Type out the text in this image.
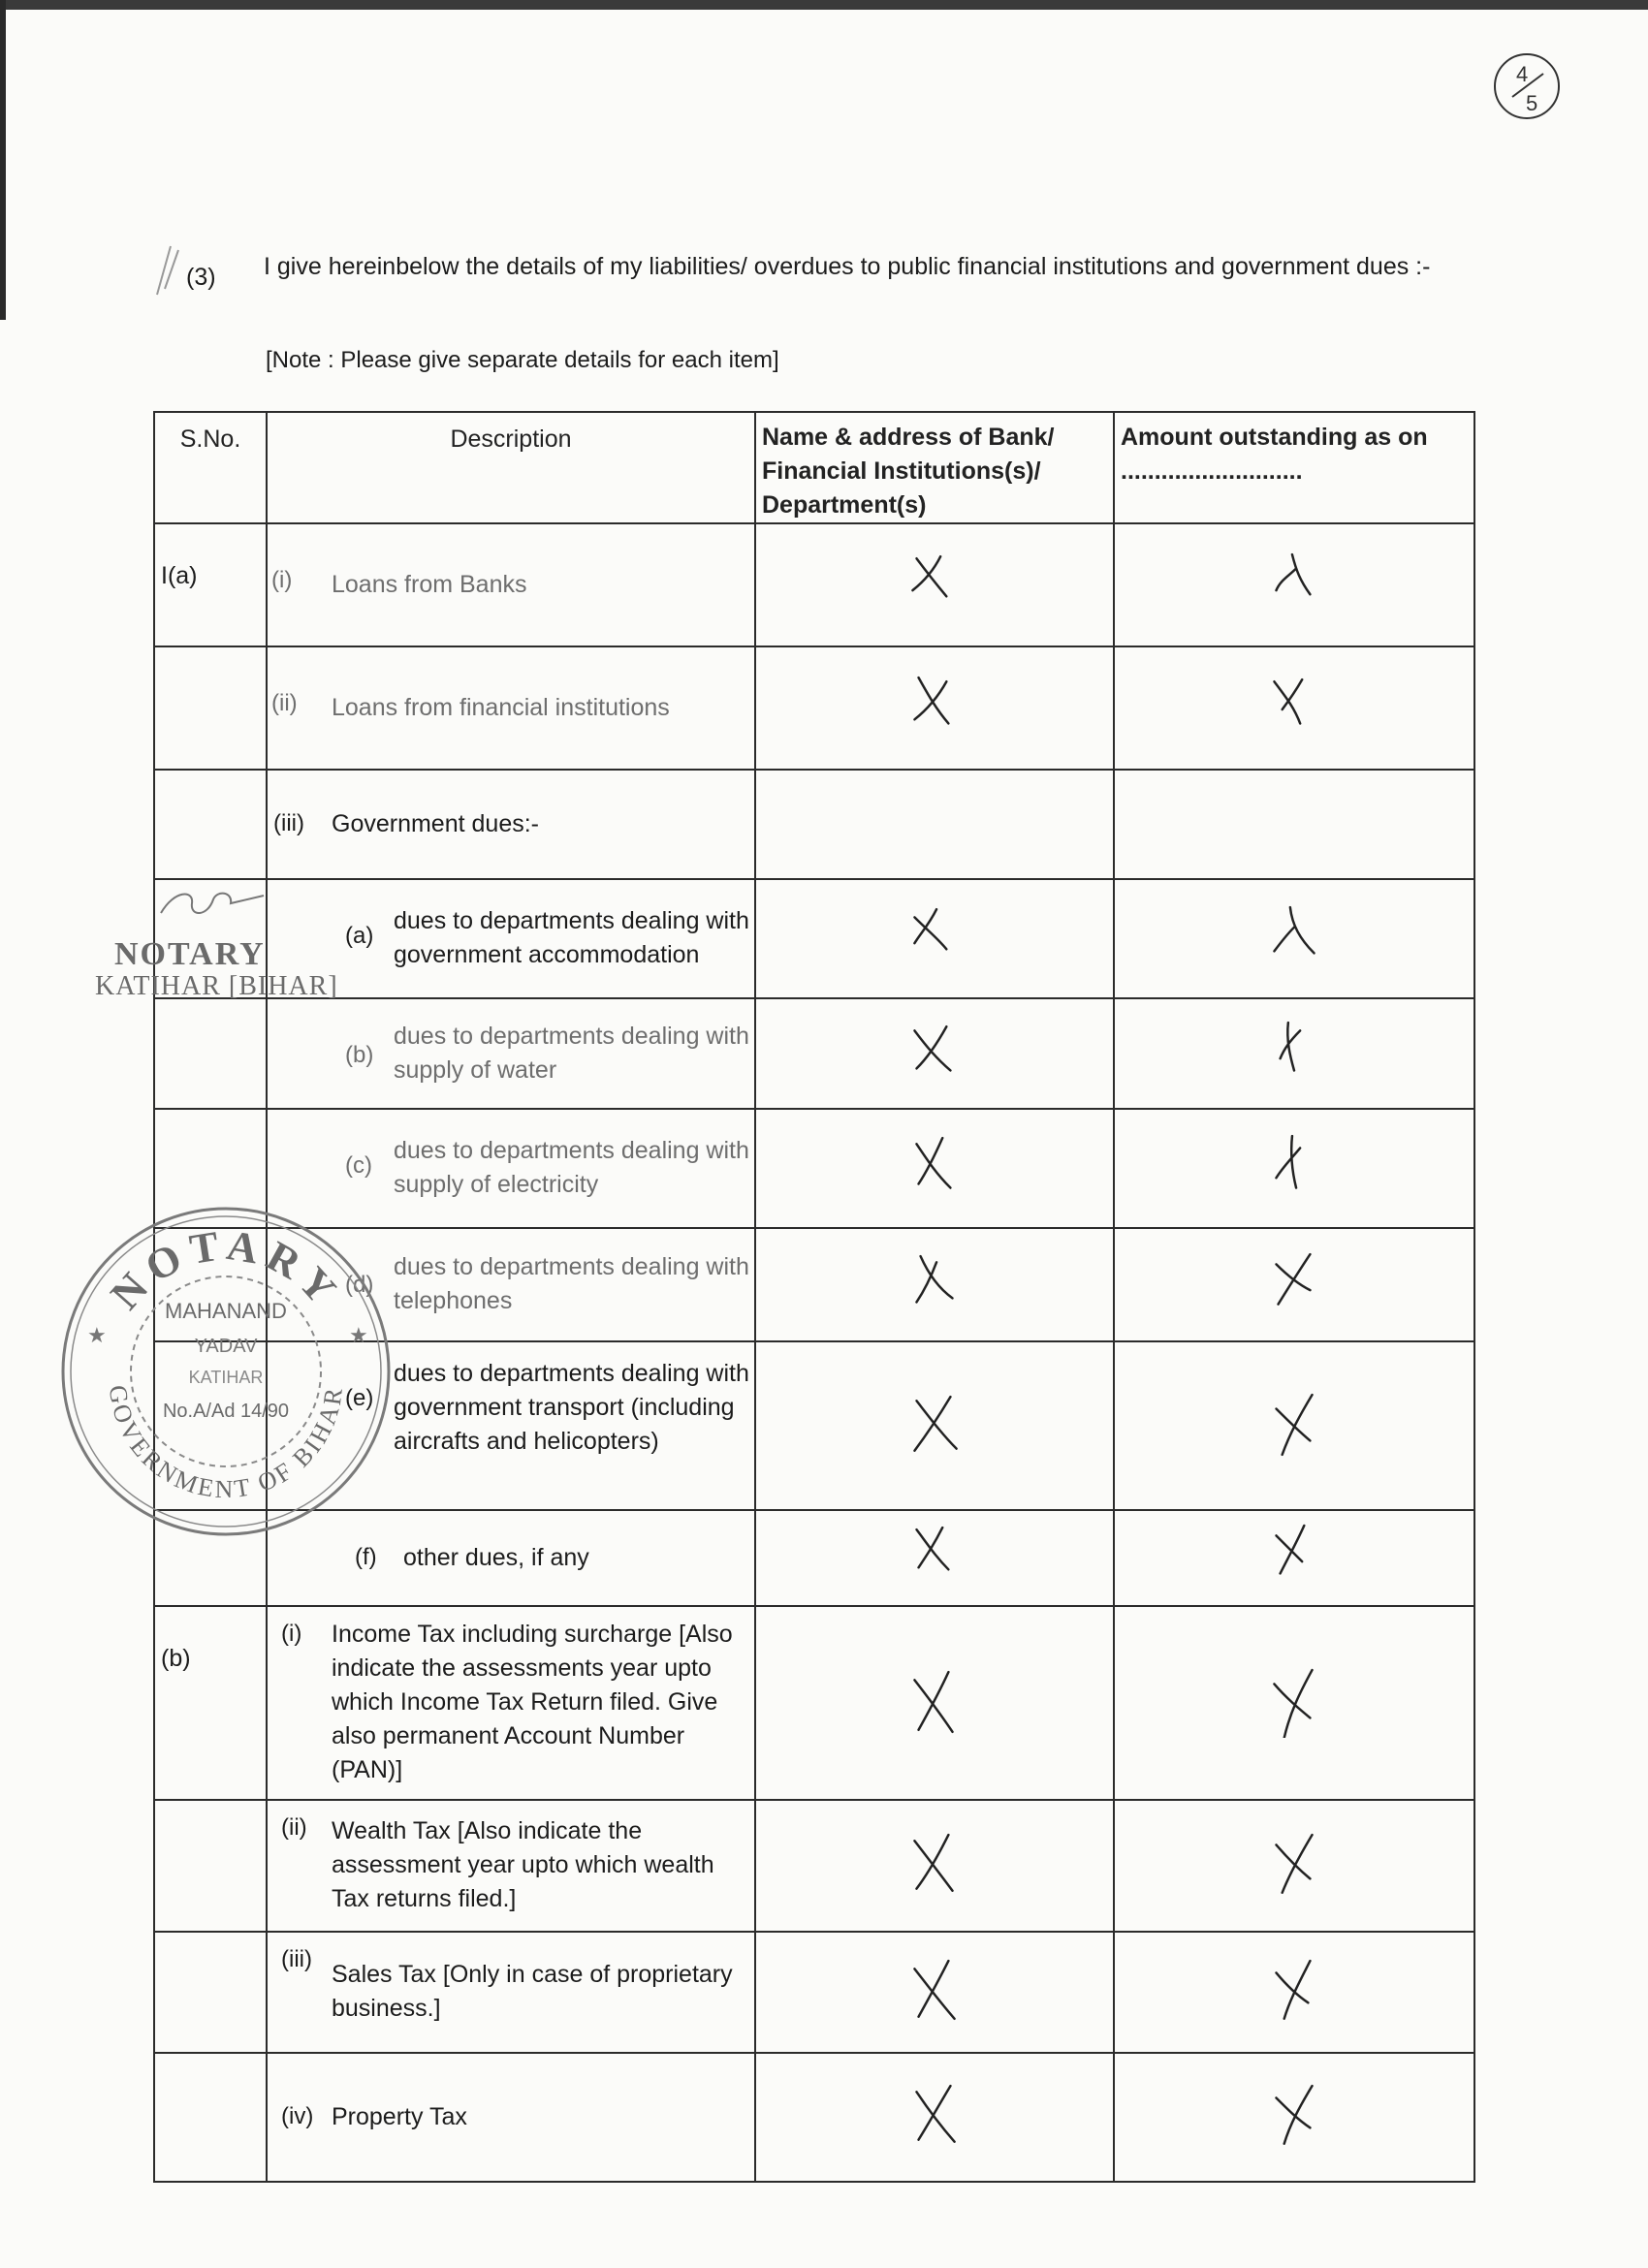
4
5
(3) I give hereinbelow the details of my liabilities/ overdues to public financial institutions and government dues :-
[Note : Please give separate details for each item]
S.No.	Description	Name & address of Bank/ Financial Institutions(s)/ Department(s)	Amount outstanding as on ...........................
I(a)	(i) Loans from Banks

	(ii) Loans from financial institutions

	(iii) Government dues:-		

	(a)
dues to departments dealing with government accommodation

	(b)
dues to departments dealing with supply of water

	(c)
dues to departments dealing with supply of electricity

	(d)
dues to departments dealing with telephones

	(e)
dues to departments dealing with government transport (including aircrafts and helicopters)

	(f) other dues, if any

(b)	(i) Income Tax including surcharge [Also indicate the assessments year upto which Income Tax Return filed. Give also permanent Account Number (PAN)]

	(ii) Wealth Tax [Also indicate the assessment year upto which wealth Tax returns filed.]

	(iii)
Sales Tax [Only in case of proprietary business.]

	(iv) Property Tax

NOTARY
KATIHAR [BIHAR]
NOTARY
GOVERNMENT OF BIHAR
★	★
MAHANAND
YADAV
KATIHAR
No.A/Ad 14/90
